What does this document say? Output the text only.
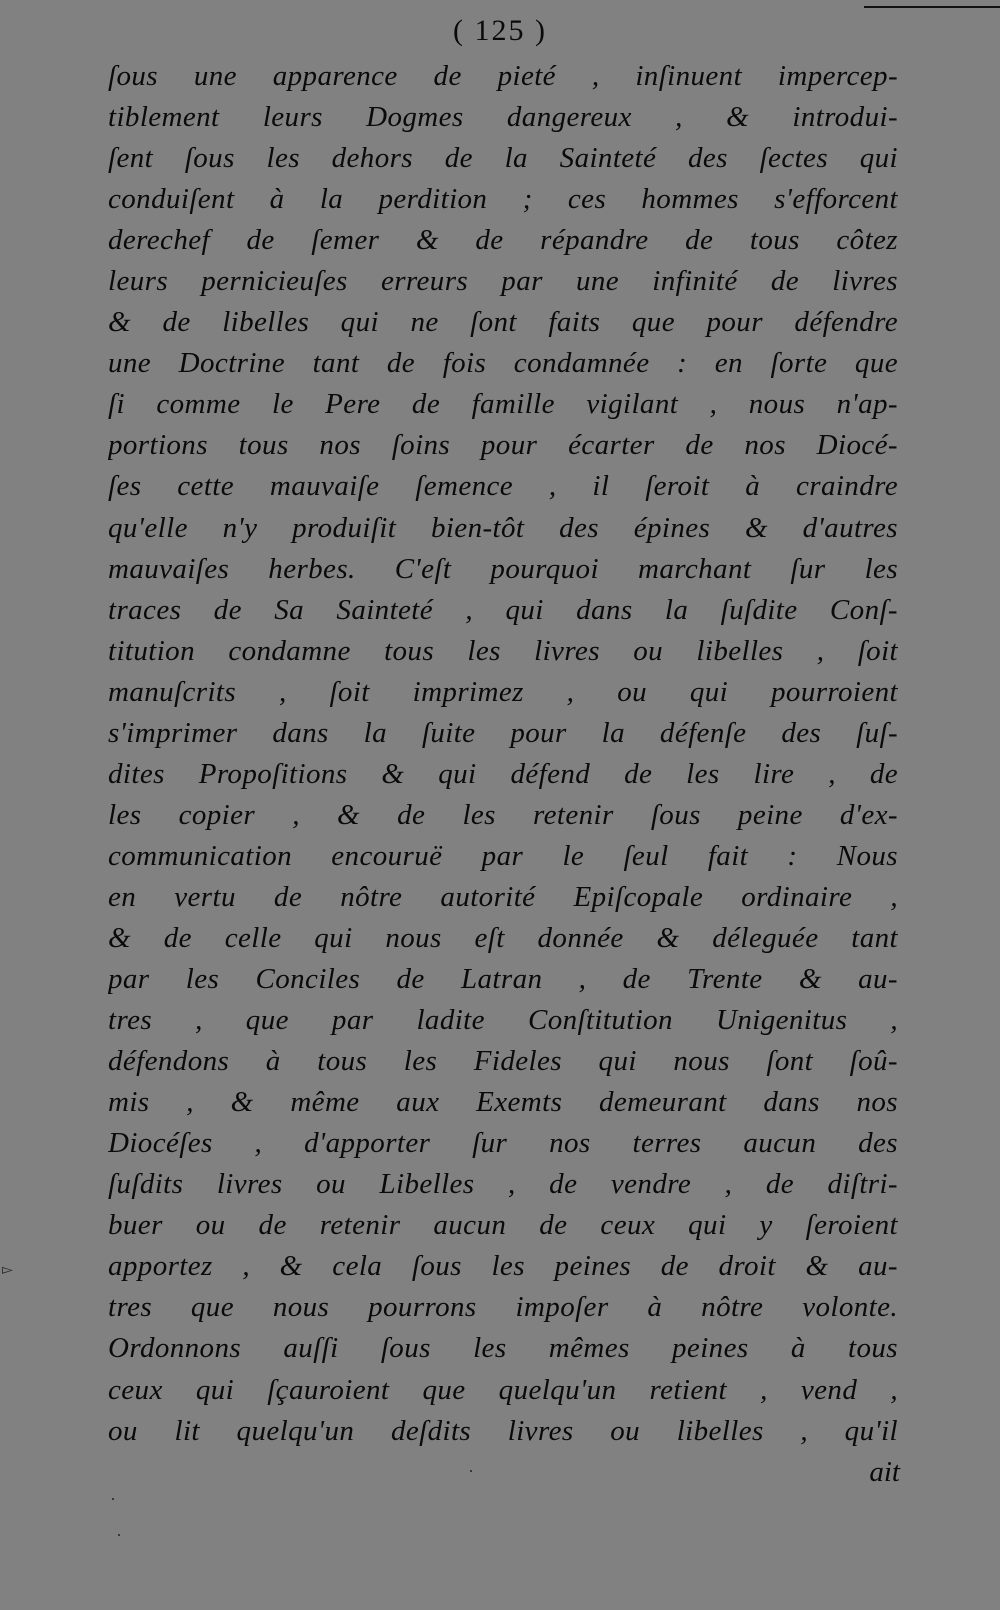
( 125 )
ſous une apparence de pieté , inſinuent impercep-
tiblement leurs Dogmes dangereux , & introdui-
ſent ſous les dehors de la Sainteté des ſectes qui
conduiſent à la perdition ; ces hommes s'efforcent
derechef de ſemer & de répandre de tous côtez
leurs pernicieuſes erreurs par une infinité de livres
& de libelles qui ne ſont faits que pour défendre
une Doctrine tant de fois condamnée : en ſorte que
ſi comme le Pere de famille vigilant , nous n'ap-
portions tous nos ſoins pour écarter de nos Diocé-
ſes cette mauvaiſe ſemence , il ſeroit à craindre
qu'elle n'y produiſit bien-tôt des épines & d'autres
mauvaiſes herbes. C'eſt pourquoi marchant ſur les
traces de Sa Sainteté , qui dans la ſuſdite Conſ-
titution condamne tous les livres ou libelles , ſoit
manuſcrits , ſoit imprimez , ou qui pourroient
s'imprimer dans la ſuite pour la défenſe des ſuſ-
dites Propoſitions & qui défend de les lire , de
les copier , & de les retenir ſous peine d'ex-
communication encouruë par le ſeul fait : Nous
en vertu de nôtre autorité Epiſcopale ordinaire ,
& de celle qui nous eſt donnée & déleguée tant
par les Conciles de Latran , de Trente & au-
tres , que par ladite Conſtitution Unigenitus ,
défendons à tous les Fideles qui nous ſont ſoû-
mis , & même aux Exemts demeurant dans nos
Diocéſes , d'apporter ſur nos terres aucun des
ſuſdits livres ou Libelles , de vendre , de diſtri-
buer ou de retenir aucun de ceux qui y ſeroient
apportez , & cela ſous les peines de droit & au-
tres que nous pourrons impoſer à nôtre volonte.
Ordonnons auſſi ſous les mêmes peines à tous
ceux qui ſçauroient que quelqu'un retient , vend ,
ou lit quelqu'un deſdits livres ou libelles , qu'il
ait
▻
